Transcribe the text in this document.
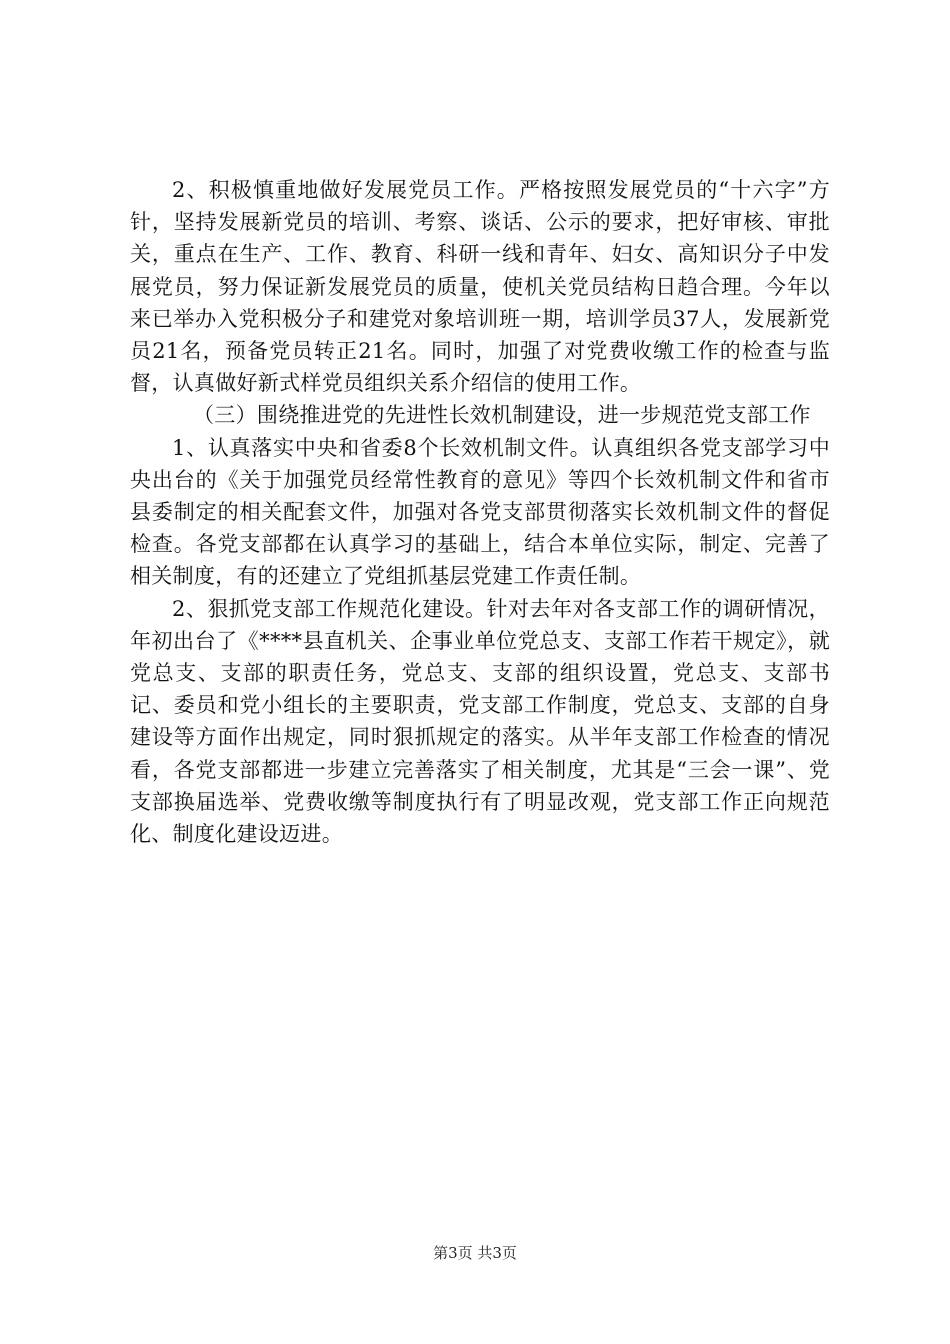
2、积极慎重地做好发展党员工作。严格按照发展党员的“十六字”方针，坚持发展新党员的培训、考察、谈话、公示的要求，把好审核、审批关，重点在生产、工作、教育、科研一线和青年、妇女、高知识分子中发展党员，努力保证新发展党员的质量，使机关党员结构日趋合理。今年以来已举办入党积极分子和建党对象培训班一期，培训学员37人，发展新党员21名，预备党员转正21名。同时，加强了对党费收缴工作的检查与监督，认真做好新式样党员组织关系介绍信的使用工作。

（三）围绕推进党的先进性长效机制建设，进一步规范党支部工作

1、认真落实中央和省委8个长效机制文件。认真组织各党支部学习中央出台的《关于加强党员经常性教育的意见》等四个长效机制文件和省市县委制定的相关配套文件，加强对各党支部贯彻落实长效机制文件的督促检查。各党支部都在认真学习的基础上，结合本单位实际，制定、完善了相关制度，有的还建立了党组抓基层党建工作责任制。

2、狠抓党支部工作规范化建设。针对去年对各支部工作的调研情况，年初出台了《****县直机关、企事业单位党总支、支部工作若干规定》，就党总支、支部的职责任务，党总支、支部的组织设置，党总支、支部书记、委员和党小组长的主要职责，党支部工作制度，党总支、支部的自身建设等方面作出规定，同时狠抓规定的落实。从半年支部工作检查的情况看，各党支部都进一步建立完善落实了相关制度，尤其是“三会一课”、党支部换届选举、党费收缴等制度执行有了明显改观，党支部工作正向规范化、制度化建设迈进。

第3页 共3页
